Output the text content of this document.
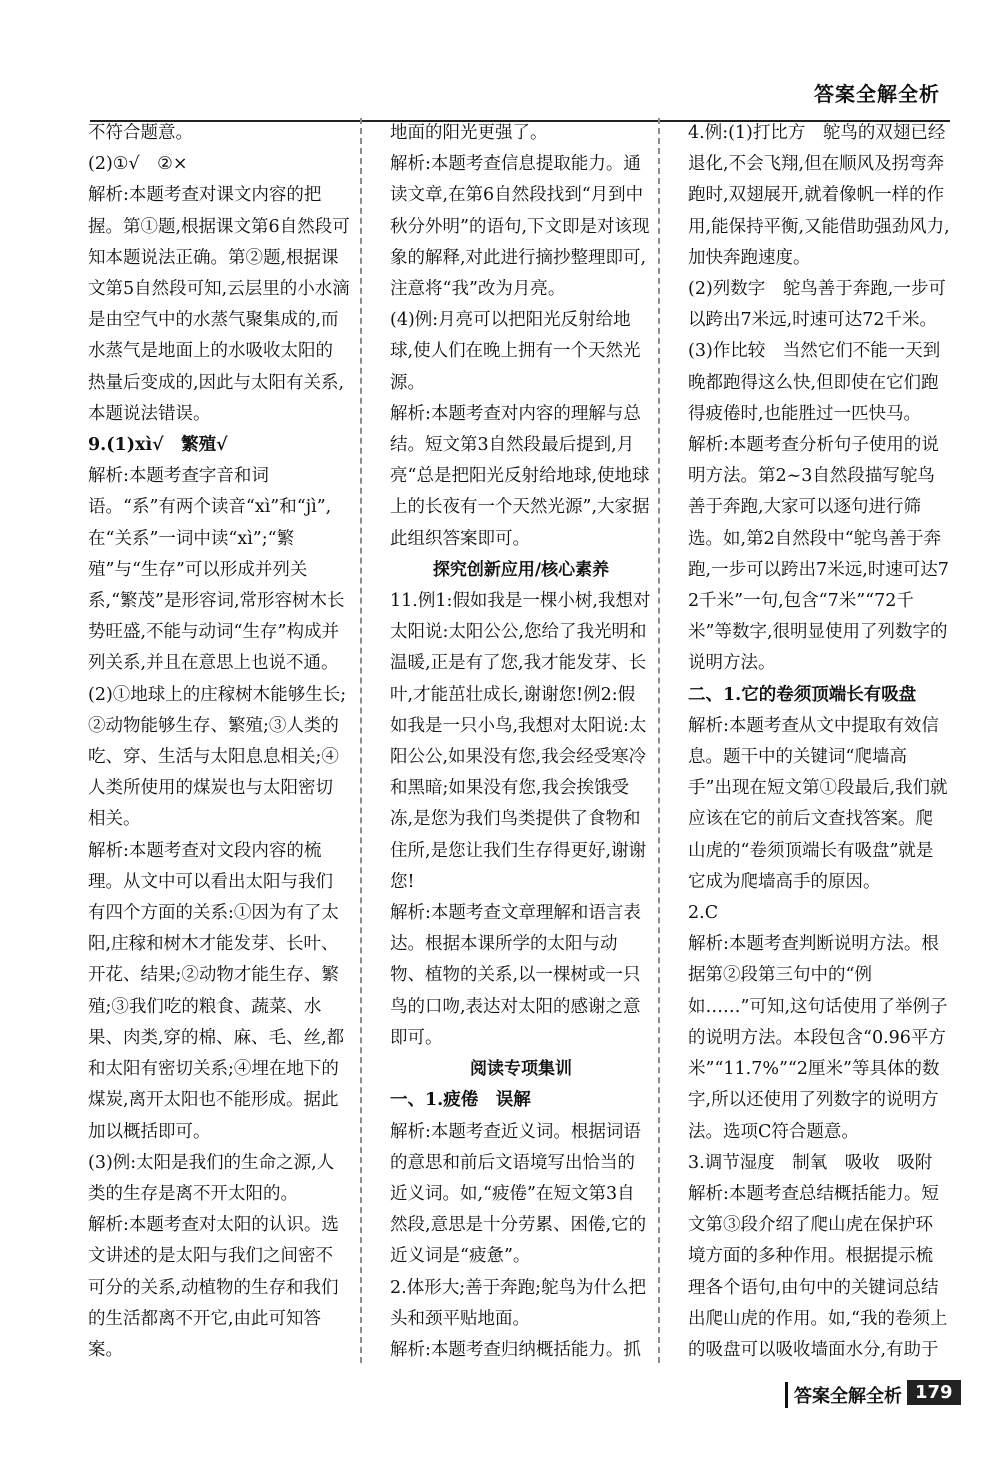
答案全解全析

不符合题意。

(2)①√　②×

解析:本题考查对课文内容的把握。第①题,根据课文第6自然段可知本题说法正确。第②题,根据课文第5自然段可知,云层里的小水滴是由空气中的水蒸气聚集成的,而水蒸气是地面上的水吸收太阳的热量后变成的,因此与太阳有关系,本题说法错误。

9.(1)xì√　繁殖√

解析:本题考查字音和词语。“系”有两个读音“xì”和“jì”,在“关系”一词中读“xì”;“繁殖”与“生存”可以形成并列关系,“繁茂”是形容词,常形容树木长势旺盛,不能与动词“生存”构成并列关系,并且在意思上也说不通。

(2)①地球上的庄稼树木能够生长;②动物能够生存、繁殖;③人类的吃、穿、生活与太阳息息相关;④人类所使用的煤炭也与太阳密切相关。

解析:本题考查对文段内容的梳理。从文中可以看出太阳与我们有四个方面的关系:①因为有了太阳,庄稼和树木才能发芽、长叶、开花、结果;②动物才能生存、繁殖;③我们吃的粮食、蔬菜、水果、肉类,穿的棉、麻、毛、丝,都和太阳有密切关系;④埋在地下的煤炭,离开太阳也不能形成。据此加以概括即可。

(3)例:太阳是我们的生命之源,人类的生存是离不开太阳的。

解析:本题考查对太阳的认识。选文讲述的是太阳与我们之间密不可分的关系,动植物的生存和我们的生活都离不开它,由此可知答案。

地面的阳光更强了。

解析:本题考查信息提取能力。通读文章,在第6自然段找到“月到中秋分外明”的语句,下文即是对该现象的解释,对此进行摘抄整理即可,注意将“我”改为月亮。

(4)例:月亮可以把阳光反射给地球,使人们在晚上拥有一个天然光源。

解析:本题考查对内容的理解与总结。短文第3自然段最后提到,月亮“总是把阳光反射给地球,使地球上的长夜有一个天然光源”,大家据此组织答案即可。

探究创新应用/核心素养

11.例1:假如我是一棵小树,我想对太阳说:太阳公公,您给了我光明和温暖,正是有了您,我才能发芽、长叶,才能茁壮成长,谢谢您!例2:假如我是一只小鸟,我想对太阳说:太阳公公,如果没有您,我会经受寒冷和黑暗;如果没有您,我会挨饿受冻,是您为我们鸟类提供了食物和住所,是您让我们生存得更好,谢谢您!

解析:本题考查文章理解和语言表达。根据本课所学的太阳与动物、植物的关系,以一棵树或一只鸟的口吻,表达对太阳的感谢之意即可。

阅读专项集训

一、1.疲倦　误解

解析:本题考查近义词。根据词语的意思和前后文语境写出恰当的近义词。如,“疲倦”在短文第3自然段,意思是十分劳累、困倦,它的近义词是“疲惫”。

2.体形大;善于奔跑;鸵鸟为什么把头和颈平贴地面。

解析:本题考查归纳概括能力。抓

4.例:(1)打比方　鸵鸟的双翅已经退化,不会飞翔,但在顺风及拐弯奔跑时,双翅展开,就着像帆一样的作用,能保持平衡,又能借助强劲风力,加快奔跑速度。

(2)列数字　鸵鸟善于奔跑,一步可以跨出7米远,时速可达72千米。

(3)作比较　当然它们不能一天到晚都跑得这么快,但即使在它们跑得疲倦时,也能胜过一匹快马。

解析:本题考查分析句子使用的说明方法。第2~3自然段描写鸵鸟善于奔跑,大家可以逐句进行筛选。如,第2自然段中“鸵鸟善于奔跑,一步可以跨出7米远,时速可达72千米”一句,包含“7米”“72千米”等数字,很明显使用了列数字的说明方法。

二、1.它的卷须顶端长有吸盘

解析:本题考查从文中提取有效信息。题干中的关键词“爬墙高手”出现在短文第①段最后,我们就应该在它的前后文查找答案。爬山虎的“卷须顶端长有吸盘”就是它成为爬墙高手的原因。

2.C

解析:本题考查判断说明方法。根据第②段第三句中的“例如……”可知,这句话使用了举例子的说明方法。本段包含“0.96平方米”“11.7%”“2厘米”等具体的数字,所以还使用了列数字的说明方法。选项C符合题意。

3.调节湿度　制氧　吸收　吸附

解析:本题考查总结概括能力。短文第③段介绍了爬山虎在保护环境方面的多种作用。根据提示梳理各个语句,由句中的关键词总结出爬山虎的作用。如,“我的卷须上的吸盘可以吸收墙面水分,有助于

答案全解全析 179
